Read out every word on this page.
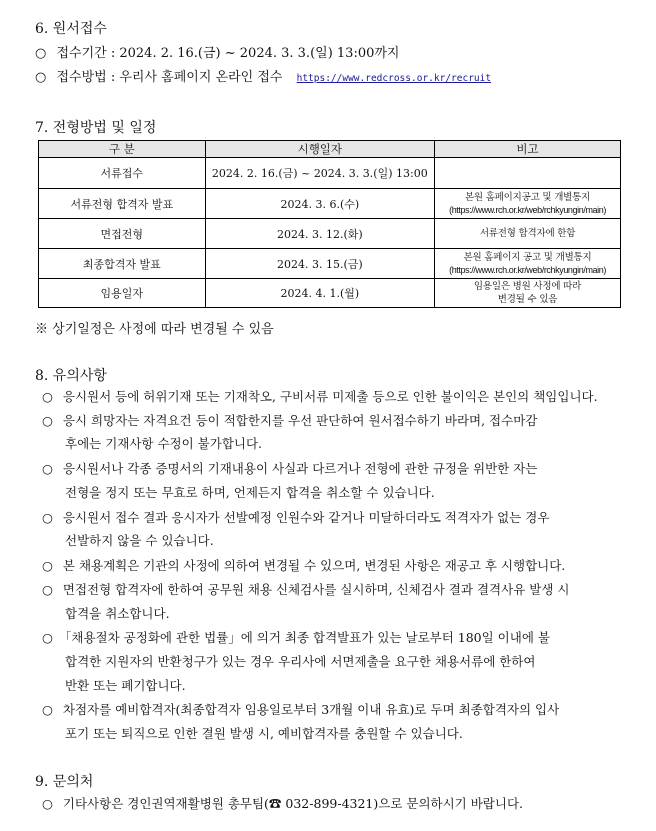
6. 원서접수
○ 접수기간 : 2024. 2. 16.(금) ~ 2024. 3. 3.(일) 13:00까지
○ 접수방법 : 우리사 홈페이지 온라인 접수 https://www.redcross.or.kr/recruit
7. 전형방법 및 일정
구 분	시행일자	비고
서류접수	2024. 2. 16.(금) ~ 2024. 3. 3.(일) 13:00	
서류전형 합격자 발표	2024. 3. 6.(수)	본원 홈페이지공고 및 개별통지
(https://www.rch.or.kr/web/rchkyungin/main)

면접전형	2024. 3. 12.(화)	서류전형 합격자에 한함

최종합격자 발표	2024. 3. 15.(금)	본원 홈페이지 공고 및 개별통지
(https://www.rch.or.kr/web/rchkyungin/main)

임용일자	2024. 4. 1.(월)	임용일은 병원 사정에 따라
변경될 수 있음
※ 상기일정은 사정에 따라 변경될 수 있음
8. 유의사항
○ 응시원서 등에 허위기재 또는 기재착오, 구비서류 미제출 등으로 인한 불이익은 본인의 책임입니다.
○ 응시 희망자는 자격요건 등이 적합한지를 우선 판단하여 원서접수하기 바라며, 접수마감
후에는 기재사항 수정이 불가합니다.
○ 응시원서나 각종 증명서의 기재내용이 사실과 다르거나 전형에 관한 규정을 위반한 자는
전형을 정지 또는 무효로 하며, 언제든지 합격을 취소할 수 있습니다.
○ 응시원서 접수 결과 응시자가 선발예정 인원수와 같거나 미달하더라도 적격자가 없는 경우
선발하지 않을 수 있습니다.
○ 본 채용계획은 기관의 사정에 의하여 변경될 수 있으며, 변경된 사항은 재공고 후 시행합니다.
○ 면접전형 합격자에 한하여 공무원 채용 신체검사를 실시하며, 신체검사 결과 결격사유 발생 시
합격을 취소합니다.
○ 「채용절차 공정화에 관한 법률」에 의거 최종 합격발표가 있는 날로부터 180일 이내에 불
합격한 지원자의 반환청구가 있는 경우 우리사에 서면제출을 요구한 채용서류에 한하여
반환 또는 폐기합니다.
○ 차점자를 예비합격자(최종합격자 임용일로부터 3개월 이내 유효)로 두며 최종합격자의 입사
포기 또는 퇴직으로 인한 결원 발생 시, 예비합격자를 충원할 수 있습니다.
9. 문의처
○ 기타사항은 경인권역재활병원 총무팀(☎ 032-899-4321)으로 문의하시기 바랍니다.
